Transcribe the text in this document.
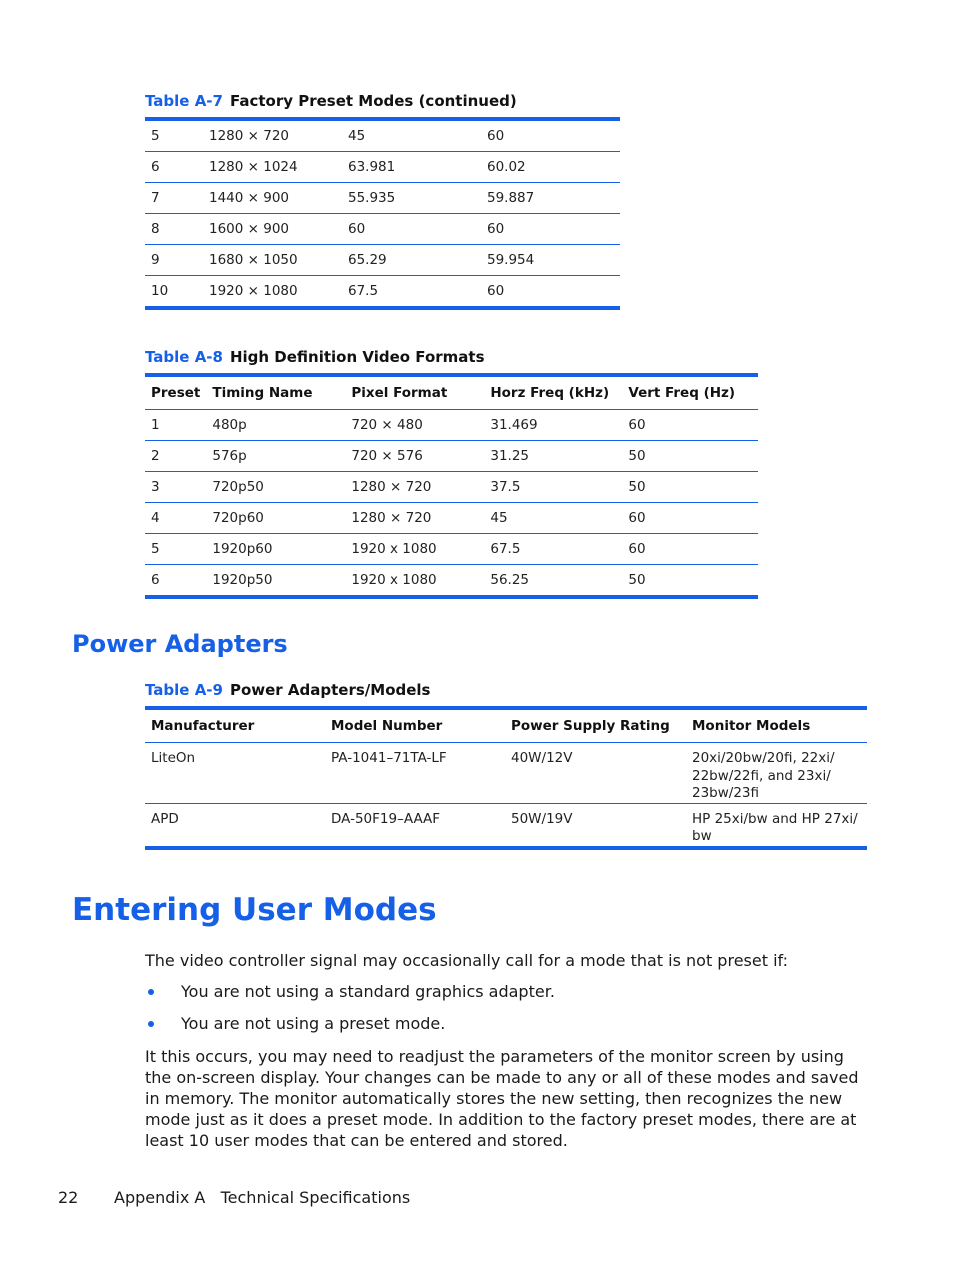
Table A-7 Factory Preset Modes (continued)
5	1280 × 720	45	60
6	1280 × 1024	63.981	60.02
7	1440 × 900	55.935	59.887
8	1600 × 900	60	60
9	1680 × 1050	65.29	59.954
10	1920 × 1080	67.5	60
Table A-8 High Definition Video Formats
Preset	Timing Name	Pixel Format	Horz Freq (kHz)	Vert Freq (Hz)
1	480p	720 × 480	31.469	60
2	576p	720 × 576	31.25	50
3	720p50	1280 × 720	37.5	50
4	720p60	1280 × 720	45	60
5	1920p60	1920 x 1080	67.5	60
6	1920p50	1920 x 1080	56.25	50
Power Adapters
Table A-9 Power Adapters/Models
Manufacturer	Model Number	Power Supply Rating	Monitor Models
LiteOn	PA-1041–71TA-LF	40W/12V	20xi/20bw/20fi, 22xi/ 22bw/22fi, and 23xi/ 23bw/23fi
APD	DA-50F19–AAAF	50W/19V	HP 25xi/bw and HP 27xi/ bw
Entering User Modes

The video controller signal may occasionally call for a mode that is not preset if:

You are not using a standard graphics adapter.
You are not using a preset mode.

It this occurs, you may need to readjust the parameters of the monitor screen by using the on-screen display. Your changes can be made to any or all of these modes and saved in memory. The monitor automatically stores the new setting, then recognizes the new mode just as it does a preset mode. In addition to the factory preset modes, there are at least 10 user modes that can be entered and stored.

22 Appendix A   Technical Specifications
